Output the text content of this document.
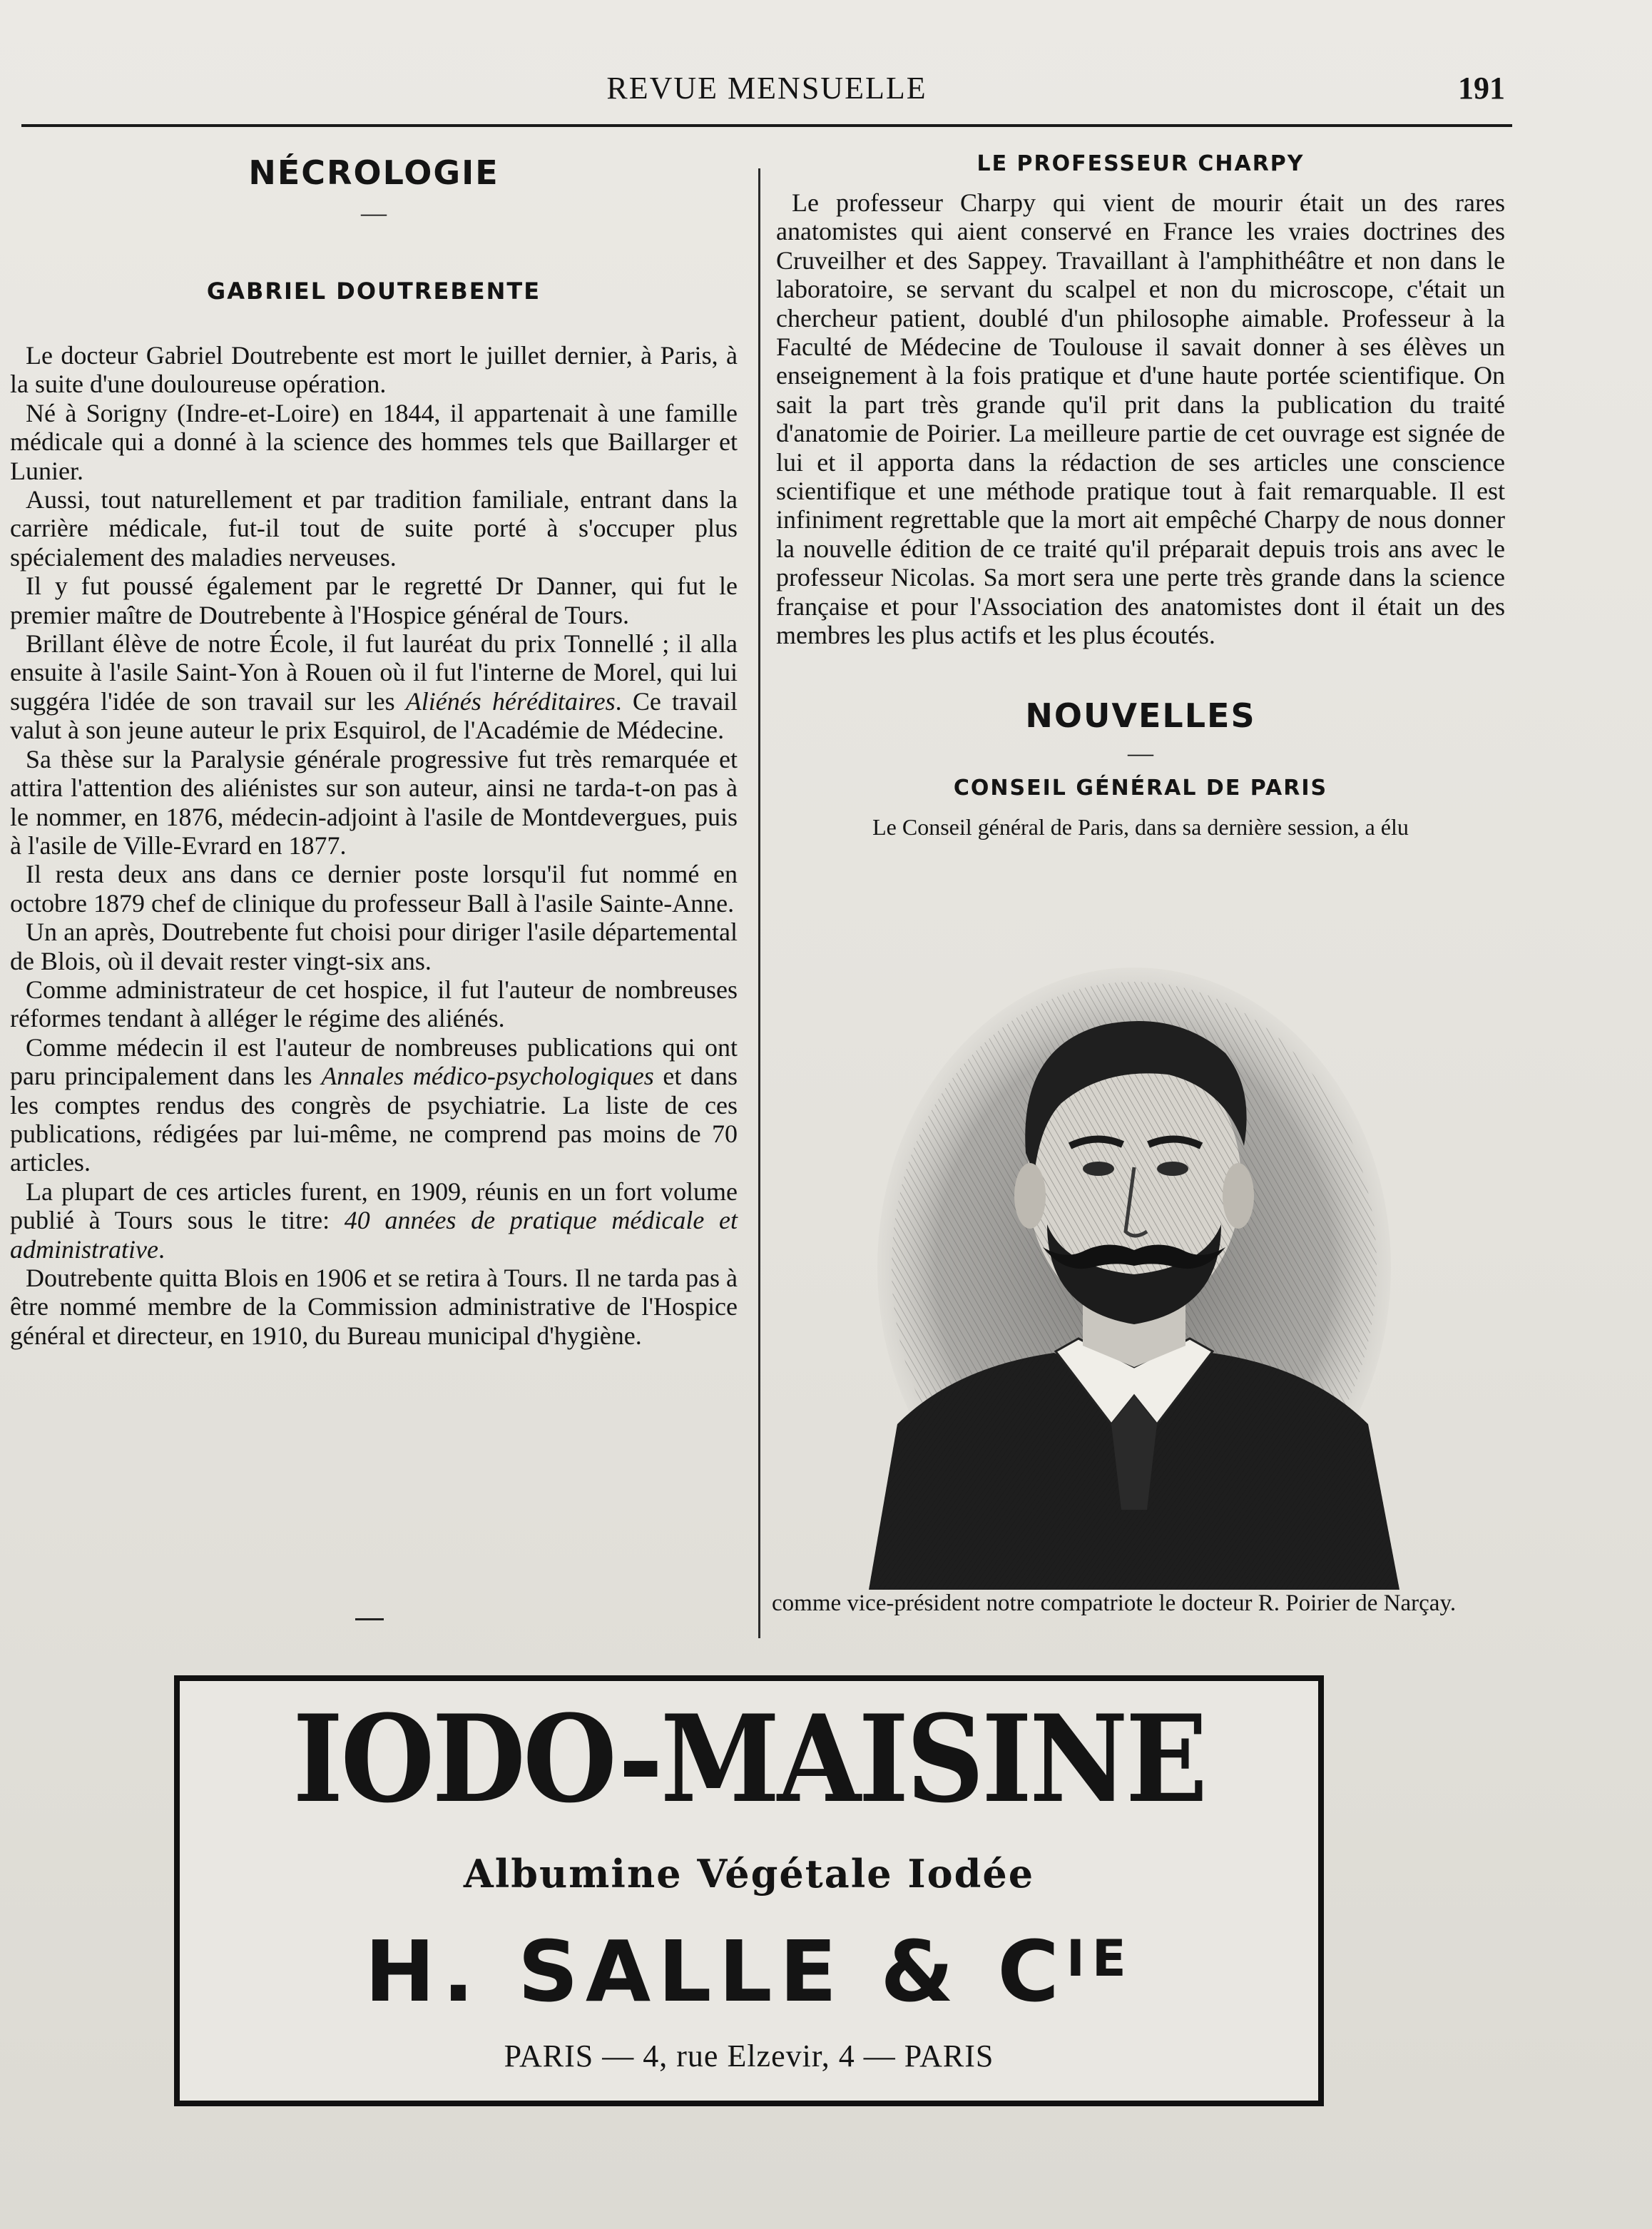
REVUE MENSUELLE	191
NÉCROLOGIE
—
GABRIEL DOUTREBENTE

Le docteur Gabriel Doutrebente est mort le juillet dernier, à Paris, à la suite d'une douloureuse opération.

Né à Sorigny (Indre-et-Loire) en 1844, il appartenait à une famille médicale qui a donné à la science des hommes tels que Baillarger et Lunier.

Aussi, tout naturellement et par tradition familiale, entrant dans la carrière médicale, fut-il tout de suite porté à s'occuper plus spécialement des maladies nerveuses.

Il y fut poussé également par le regretté Dr Danner, qui fut le premier maître de Doutrebente à l'Hospice général de Tours.

Brillant élève de notre École, il fut lauréat du prix Tonnellé ; il alla ensuite à l'asile Saint-Yon à Rouen où il fut l'interne de Morel, qui lui suggéra l'idée de son travail sur les Aliénés héréditaires. Ce travail valut à son jeune auteur le prix Esquirol, de l'Académie de Médecine.

Sa thèse sur la Paralysie générale progressive fut très remarquée et attira l'attention des aliénistes sur son auteur, ainsi ne tarda-t-on pas à le nommer, en 1876, médecin-adjoint à l'asile de Montdevergues, puis à l'asile de Ville-Evrard en 1877.

Il resta deux ans dans ce dernier poste lorsqu'il fut nommé en octobre 1879 chef de clinique du professeur Ball à l'asile Sainte-Anne.

Un an après, Doutrebente fut choisi pour diriger l'asile départemental de Blois, où il devait rester vingt-six ans.

Comme administrateur de cet hospice, il fut l'auteur de nombreuses réformes tendant à alléger le régime des aliénés.

Comme médecin il est l'auteur de nombreuses publications qui ont paru principalement dans les Annales médico-psychologiques et dans les comptes rendus des congrès de psychiatrie. La liste de ces publications, rédigées par lui-même, ne comprend pas moins de 70 articles.

La plupart de ces articles furent, en 1909, réunis en un fort volume publié à Tours sous le titre: 40 années de pratique médicale et administrative.

Doutrebente quitta Blois en 1906 et se retira à Tours. Il ne tarda pas à être nommé membre de la Commission administrative de l'Hospice général et directeur, en 1910, du Bureau municipal d'hygiène.

LE PROFESSEUR CHARPY

Le professeur Charpy qui vient de mourir était un des rares anatomistes qui aient conservé en France les vraies doctrines des Cruveilher et des Sappey. Travaillant à l'amphithéâtre et non dans le laboratoire, se servant du scalpel et non du microscope, c'était un chercheur patient, doublé d'un philosophe aimable. Professeur à la Faculté de Médecine de Toulouse il savait donner à ses élèves un enseignement à la fois pratique et d'une haute portée scientifique. On sait la part très grande qu'il prit dans la publication du traité d'anatomie de Poirier. La meilleure partie de cet ouvrage est signée de lui et il apporta dans la rédaction de ses articles une conscience scientifique et une méthode pratique tout à fait remarquable. Il est infiniment regrettable que la mort ait empêché Charpy de nous donner la nouvelle édition de ce traité qu'il préparait depuis trois ans avec le professeur Nicolas. Sa mort sera une perte très grande dans la science française et pour l'Association des anatomistes dont il était un des membres les plus actifs et les plus écoutés.

NOUVELLES
—
CONSEIL GÉNÉRAL DE PARIS

Le Conseil général de Paris, dans sa dernière session, a élu

comme vice-président notre compatriote le docteur R. Poirier de Narçay.

IODO-MAISINE
Albumine Végétale Iodée
H. SALLE & $C^{IE}$
PARIS — 4, rue Elzevir, 4 — PARIS
